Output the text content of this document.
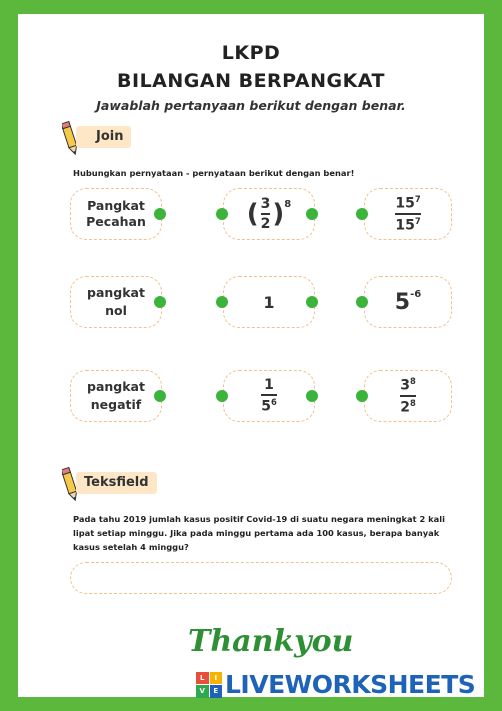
LKPD
BILANGAN BERPANGKAT
Jawablah pertanyaan berikut dengan benar.
Join
Hubungkan pernyataan - pernyataan berikut dengan benar!
Pangkat
Pecahan	( $\frac{3}{2} )^8$	$\frac{15^7}{15^7}$
pangkat
nol	1	$5^{-6}$
pangkat
negatif	$\frac{1}{5^6}$	$\frac{3^8}{2^8}$
Teksfield
Pada tahu 2019 jumlah kasus positif Covid-19 di suatu negara meningkat 2 kali lipat setiap minggu. Jika pada minggu pertama ada 100 kasus, berapa banyak kasus setelah 4 minggu?
Thankyou
L	I
V	E LIVEWORKSHEETS
